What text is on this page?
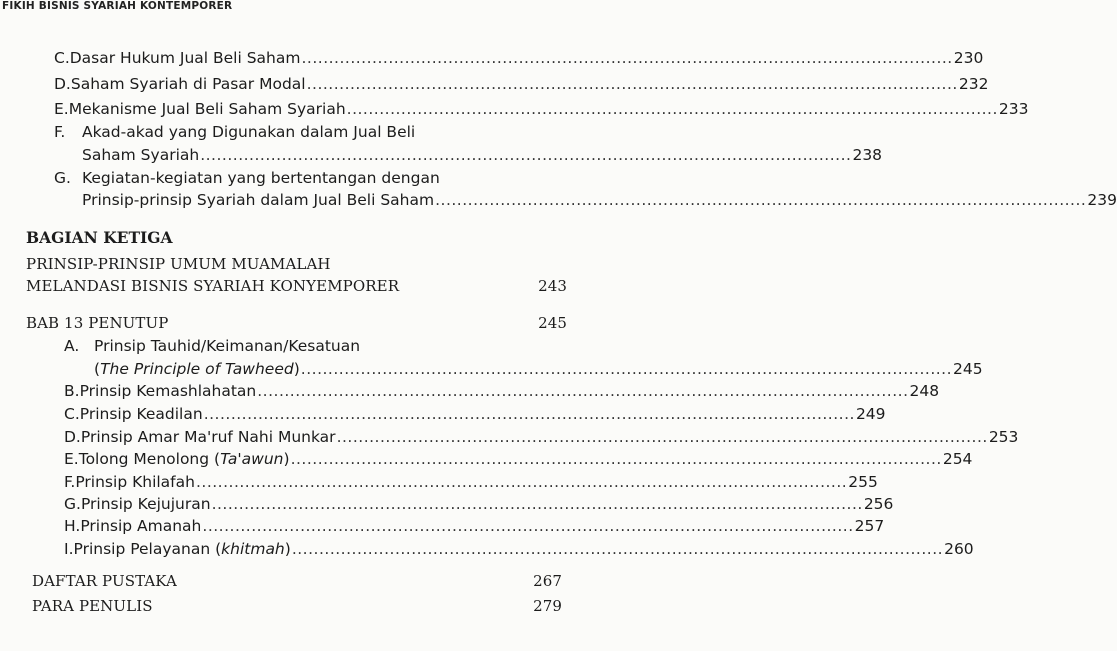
FIKIH BISNIS SYARIAH KONTEMPORER
C. Dasar Hukum Jual Beli Saham ........................................................................................................................ 230
D. Saham Syariah di Pasar Modal ........................................................................................................................ 232
E. Mekanisme Jual Beli Saham Syariah ........................................................................................................................ 233
F. Akad-akad yang Digunakan dalam Jual Beli
Saham Syariah ........................................................................................................................ 238
G. Kegiatan-kegiatan yang bertentangan dengan
Prinsip-prinsip Syariah dalam Jual Beli Saham ........................................................................................................................ 239
BAGIAN KETIGA
PRINSIP-PRINSIP UMUM MUAMALAH
MELANDASI BISNIS SYARIAH KONYEMPORER	243
BAB 13 PENUTUP	245
A. Prinsip Tauhid/Keimanan/Kesatuan
(The Principle of Tawheed) ........................................................................................................................ 245
B. Prinsip Kemashlahatan ........................................................................................................................ 248
C. Prinsip Keadilan ........................................................................................................................ 249
D. Prinsip Amar Ma'ruf Nahi Munkar ........................................................................................................................ 253
E. Tolong Menolong (Ta'awun) ........................................................................................................................ 254
F. Prinsip Khilafah ........................................................................................................................ 255
G. Prinsip Kejujuran ........................................................................................................................ 256
H. Prinsip Amanah ........................................................................................................................ 257
I. Prinsip Pelayanan (khitmah) ........................................................................................................................ 260
DAFTAR PUSTAKA	267
PARA PENULIS	279
